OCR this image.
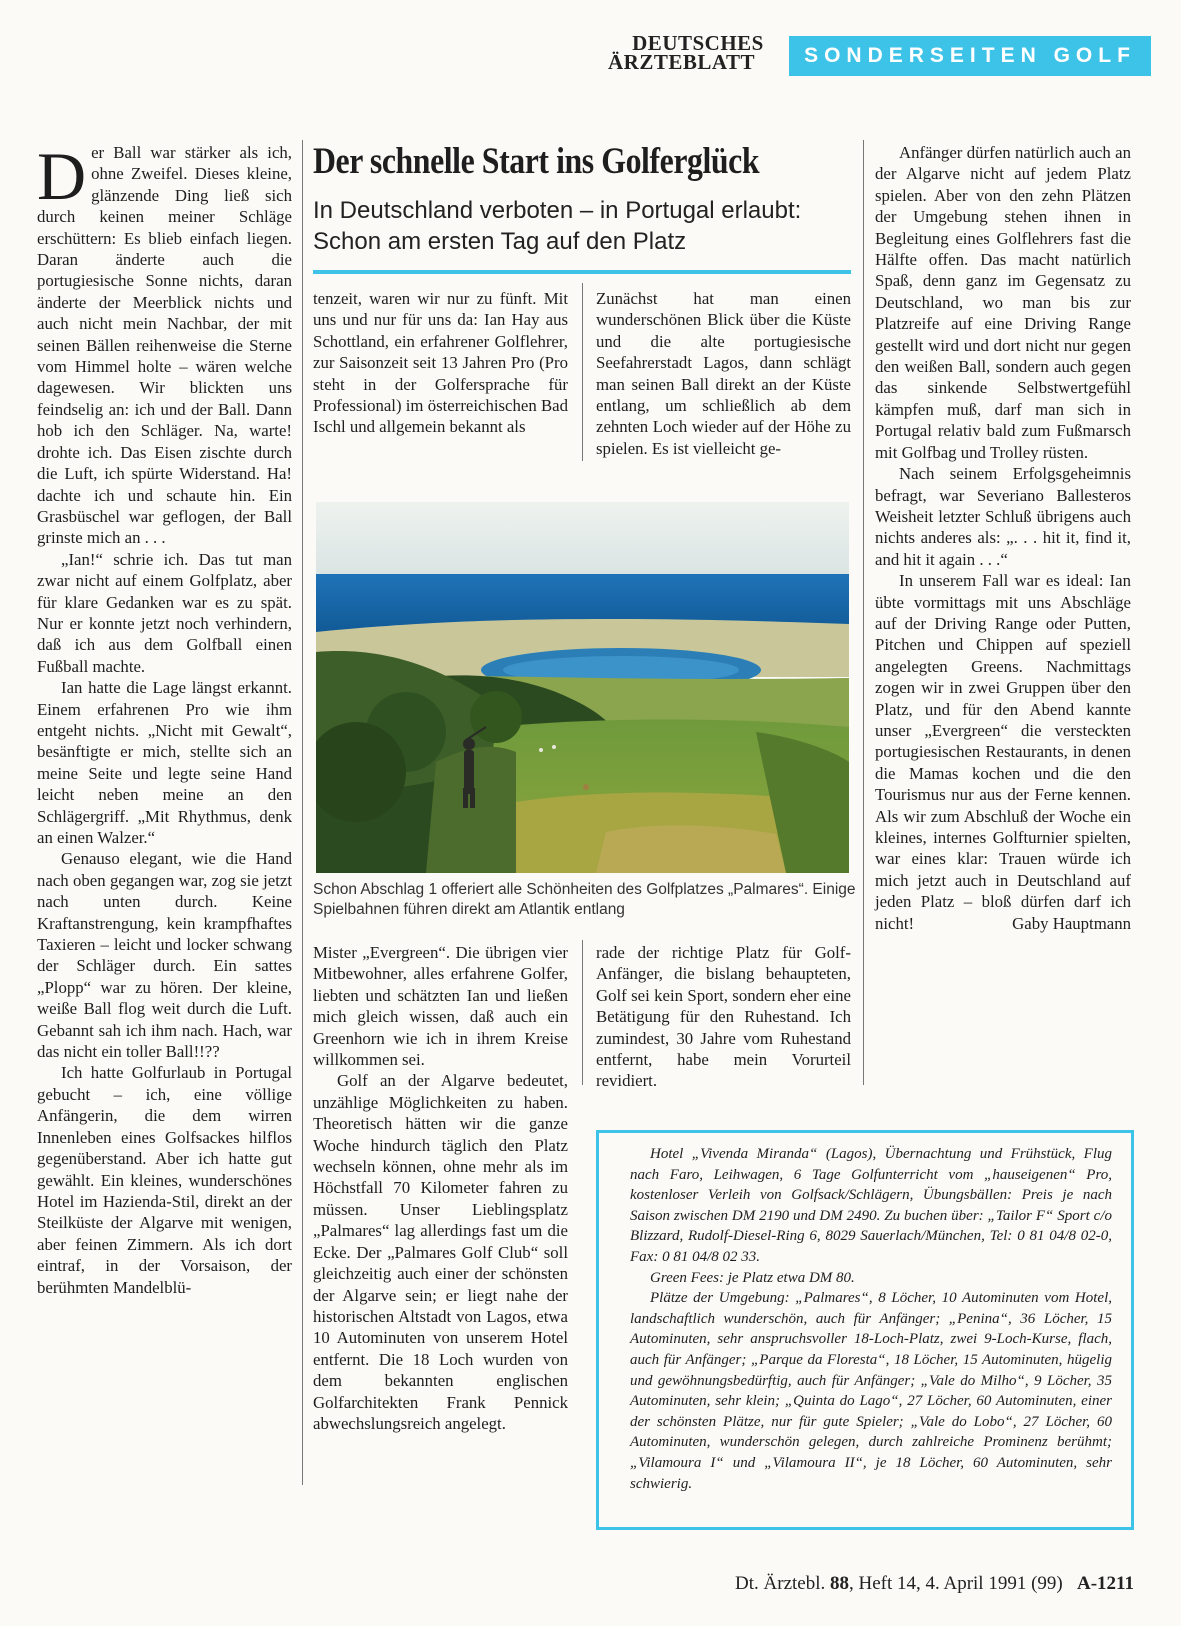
DEUTSCHES
ÄRZTEBLATT	SONDERSEITEN GOLF

Der Ball war stärker als ich, ohne Zweifel. Dieses kleine, glänzende Ding ließ sich durch keinen meiner Schläge erschüttern: Es blieb einfach liegen. Daran änderte auch die portugiesische Sonne nichts, daran änderte der Meerblick nichts und auch nicht mein Nachbar, der mit seinen Bällen reihenweise die Sterne vom Himmel holte – wären welche dagewesen. Wir blickten uns feindselig an: ich und der Ball. Dann hob ich den Schläger. Na, warte! drohte ich. Das Eisen zischte durch die Luft, ich spürte Widerstand. Ha! dachte ich und schaute hin. Ein Grasbüschel war geflogen, der Ball grinste mich an . . .

„Ian!“ schrie ich. Das tut man zwar nicht auf einem Golfplatz, aber für klare Gedanken war es zu spät. Nur er konnte jetzt noch verhindern, daß ich aus dem Golfball einen Fußball machte.

Ian hatte die Lage längst erkannt. Einem erfahrenen Pro wie ihm entgeht nichts. „Nicht mit Gewalt“, besänftigte er mich, stellte sich an meine Seite und legte seine Hand leicht neben meine an den Schlägergriff. „Mit Rhythmus, denk an einen Walzer.“

Genauso elegant, wie die Hand nach oben gegangen war, zog sie jetzt nach unten durch. Keine Kraftanstrengung, kein krampfhaftes Taxieren – leicht und locker schwang der Schläger durch. Ein sattes „Plopp“ war zu hören. Der kleine, weiße Ball flog weit durch die Luft. Gebannt sah ich ihm nach. Hach, war das nicht ein toller Ball!!??

Ich hatte Golfurlaub in Portugal gebucht – ich, eine völlige Anfängerin, die dem wirren Innenleben eines Golfsackes hilflos gegenüberstand. Aber ich hatte gut gewählt. Ein kleines, wunderschönes Hotel im Hazienda-Stil, direkt an der Steilküste der Algarve mit wenigen, aber feinen Zimmern. Als ich dort eintraf, in der Vorsaison, der berühmten Mandelblü-

Der schnelle Start ins Golferglück
In Deutschland verboten – in Portugal erlaubt:
Schon am ersten Tag auf den Platz

tenzeit, waren wir nur zu fünft. Mit uns und nur für uns da: Ian Hay aus Schottland, ein erfahrener Golflehrer, zur Saisonzeit seit 13 Jahren Pro (Pro steht in der Golfersprache für Professional) im österreichischen Bad Ischl und allgemein bekannt als

Zunächst hat man einen wunderschönen Blick über die Küste und die alte portugiesische Seefahrerstadt Lagos, dann schlägt man seinen Ball direkt an der Küste entlang, um schließlich ab dem zehnten Loch wieder auf der Höhe zu spielen. Es ist vielleicht ge-

Schon Abschlag 1 offeriert alle Schönheiten des Golfplatzes „Palmares“. Einige Spielbahnen führen direkt am Atlantik entlang

Mister „Evergreen“. Die übrigen vier Mitbewohner, alles erfahrene Golfer, liebten und schätzten Ian und ließen mich gleich wissen, daß auch ein Greenhorn wie ich in ihrem Kreise willkommen sei.

Golf an der Algarve bedeutet, unzählige Möglichkeiten zu haben. Theoretisch hätten wir die ganze Woche hindurch täglich den Platz wechseln können, ohne mehr als im Höchstfall 70 Kilometer fahren zu müssen. Unser Lieblingsplatz „Palmares“ lag allerdings fast um die Ecke. Der „Palmares Golf Club“ soll gleichzeitig auch einer der schönsten der Algarve sein; er liegt nahe der historischen Altstadt von Lagos, etwa 10 Autominuten von unserem Hotel entfernt. Die 18 Loch wurden von dem bekannten englischen Golfarchitekten Frank Pennick abwechslungsreich angelegt.

rade der richtige Platz für Golf-Anfänger, die bislang behaupteten, Golf sei kein Sport, sondern eher eine Betätigung für den Ruhestand. Ich zumindest, 30 Jahre vom Ruhestand entfernt, habe mein Vorurteil revidiert.

Anfänger dürfen natürlich auch an der Algarve nicht auf jedem Platz spielen. Aber von den zehn Plätzen der Umgebung stehen ihnen in Begleitung eines Golflehrers fast die Hälfte offen. Das macht natürlich Spaß, denn ganz im Gegensatz zu Deutschland, wo man bis zur Platzreife auf eine Driving Range gestellt wird und dort nicht nur gegen den weißen Ball, sondern auch gegen das sinkende Selbstwertgefühl kämpfen muß, darf man sich in Portugal relativ bald zum Fußmarsch mit Golfbag und Trolley rüsten.

Nach seinem Erfolgsgeheimnis befragt, war Severiano Ballesteros Weisheit letzter Schluß übrigens auch nichts anderes als: „. . . hit it, find it, and hit it again . . .“

In unserem Fall war es ideal: Ian übte vormittags mit uns Abschläge auf der Driving Range oder Putten, Pitchen und Chippen auf speziell angelegten Greens. Nachmittags zogen wir in zwei Gruppen über den Platz, und für den Abend kannte unser „Evergreen“ die versteckten portugiesischen Restaurants, in denen die Mamas kochen und die den Tourismus nur aus der Ferne kennen. Als wir zum Abschluß der Woche ein kleines, internes Golfturnier spielten, war eines klar: Trauen würde ich mich jetzt auch in Deutschland auf jeden Platz – bloß dürfen darf ich nicht!	Gaby Hauptmann

Hotel „Vivenda Miranda“ (Lagos), Übernachtung und Frühstück, Flug nach Faro, Leihwagen, 6 Tage Golfunterricht vom „hauseigenen“ Pro, kostenloser Verleih von Golfsack/Schlägern, Übungsbällen: Preis je nach Saison zwischen DM 2190 und DM 2490. Zu buchen über: „Tailor F“ Sport c/o Blizzard, Rudolf-Diesel-Ring 6, 8029 Sauerlach/München, Tel: 0 81 04/8 02-0, Fax: 0 81 04/8 02 33.

Green Fees: je Platz etwa DM 80.

Plätze der Umgebung: „Palmares“, 8 Löcher, 10 Autominuten vom Hotel, landschaftlich wunderschön, auch für Anfänger; „Penina“, 36 Löcher, 15 Autominuten, sehr anspruchsvoller 18-Loch-Platz, zwei 9-Loch-Kurse, flach, auch für Anfänger; „Parque da Floresta“, 18 Löcher, 15 Autominuten, hügelig und gewöhnungsbedürftig, auch für Anfänger; „Vale do Milho“, 9 Löcher, 35 Autominuten, sehr klein; „Quinta do Lago“, 27 Löcher, 60 Autominuten, einer der schönsten Plätze, nur für gute Spieler; „Vale do Lobo“, 27 Löcher, 60 Autominuten, wunderschön gelegen, durch zahlreiche Prominenz berühmt; „Vilamoura I“ und „Vilamoura II“, je 18 Löcher, 60 Autominuten, sehr schwierig.

Dt. Ärztebl. 88, Heft 14, 4. April 1991 (99) A-1211
